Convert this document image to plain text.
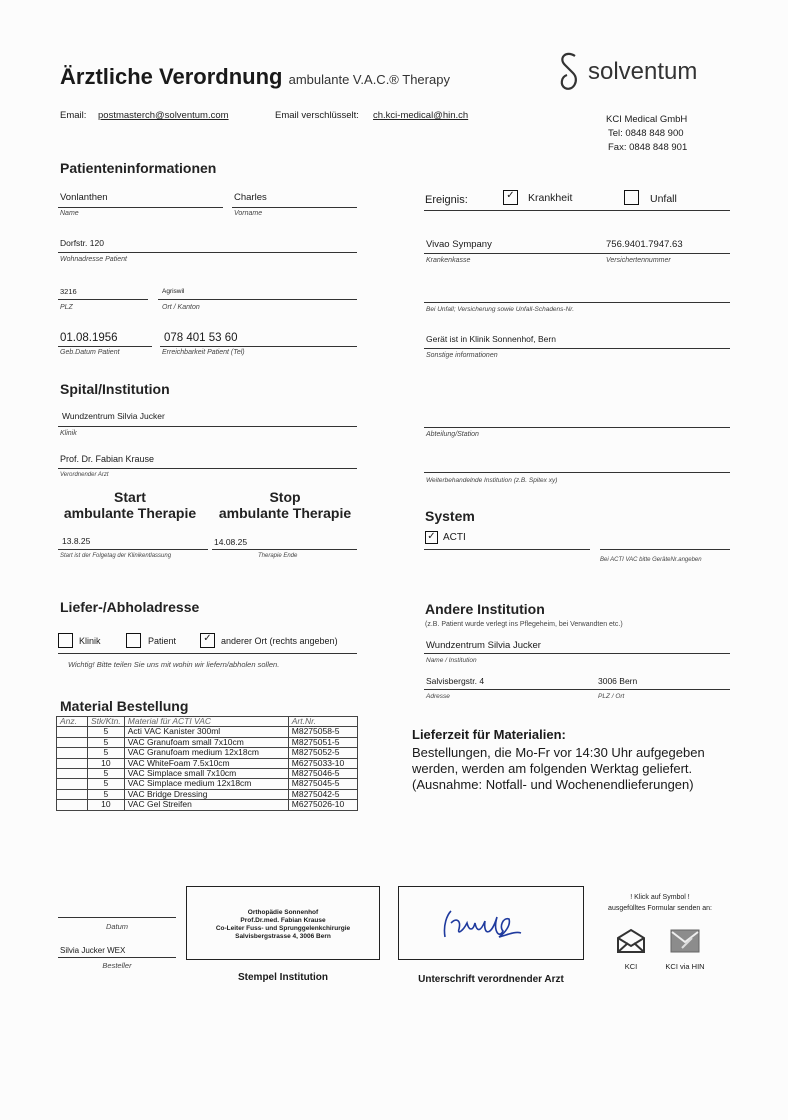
Ärztliche Verordnung ambulante V.A.C.® Therapy	solventum
Email: postmasterch@solventum.com	Email verschlüsselt: ch.kci-medical@hin.ch	KCI Medical GmbH
Tel: 0848 848 900
Fax: 0848 848 901
Patienteninformationen
Vonlanthen
Name
Charles
Vorname
Dorfstr. 120
Wohnadresse Patient
3216
PLZ
Agriswil
Ort / Kanton
01.08.1956
Geb.Datum Patient
078 401 53 60
Erreichbarkeit Patient (Tel)
Ereignis:	✓	Krankheit	Unfall
Vivao Sympany
Krankenkasse
756.9401.7947.63
Versichertennummer
Bei Unfall; Versicherung sowie Unfall-Schadens-Nr.
Gerät ist in Klinik Sonnenhof, Bern
Sonstige informationen
Spital/Institution
Wundzentrum Silvia Jucker
Klinik	Abteilung/Station
Prof. Dr. Fabian Krause
Verordnender Arzt
Weiterbehandelnde Institution (z.B. Spitex xy)
Start
ambulante Therapie
Stop
ambulante Therapie
13.8.25
Start ist der Folgetag der Klinikentlassung
14.08.25
Therapie Ende
System
✓ ACTI
Bei ACTI VAC bitte GeräteNr.angeben
Liefer-/Abholadresse
Klinik	Patient	✓	anderer Ort (rechts angeben)
Wichtig! Bitte teilen Sie uns mit wohin wir liefern/abholen sollen.
Andere Institution
(z.B. Patient wurde verlegt ins Pflegeheim, bei Verwandten etc.)
Wundzentrum Silvia Jucker
Name / Institution
Salvisbergstr. 4	3006 Bern
Adresse	PLZ / Ort
Material Bestellung
Anz.	Stk/Ktn.	Material für ACTI VAC	Art.Nr.
	5	Acti VAC Kanister 300ml	M8275058-5
	5	VAC Granufoam small 7x10cm	M8275051-5
	5	VAC Granufoam medium 12x18cm	M8275052-5
	10	VAC WhiteFoam 7.5x10cm	M6275033-10
	5	VAC Simplace small 7x10cm	M8275046-5
	5	VAC Simplace medium 12x18cm	M8275045-5
	5	VAC Bridge Dressing	M8275042-5
	10	VAC Gel Streifen	M6275026-10
Lieferzeit für Materialien:
Bestellungen, die Mo-Fr vor 14:30 Uhr aufgegeben
werden, werden am folgenden Werktag geliefert.
(Ausnahme: Notfall- und Wochenendlieferungen)
Datum
Silvia Jucker WEX
Besteller
Orthopädie Sonnenhof
Prof.Dr.med. Fabian Krause
Co-Leiter Fuss- und Sprunggelenkchirurgie
Salvisbergstrasse 4, 3006 Bern
Stempel Institution	Unterschrift verordnender Arzt
! Klick auf Symbol !
ausgefülltes Formular senden an:
KCI	KCI via HIN
